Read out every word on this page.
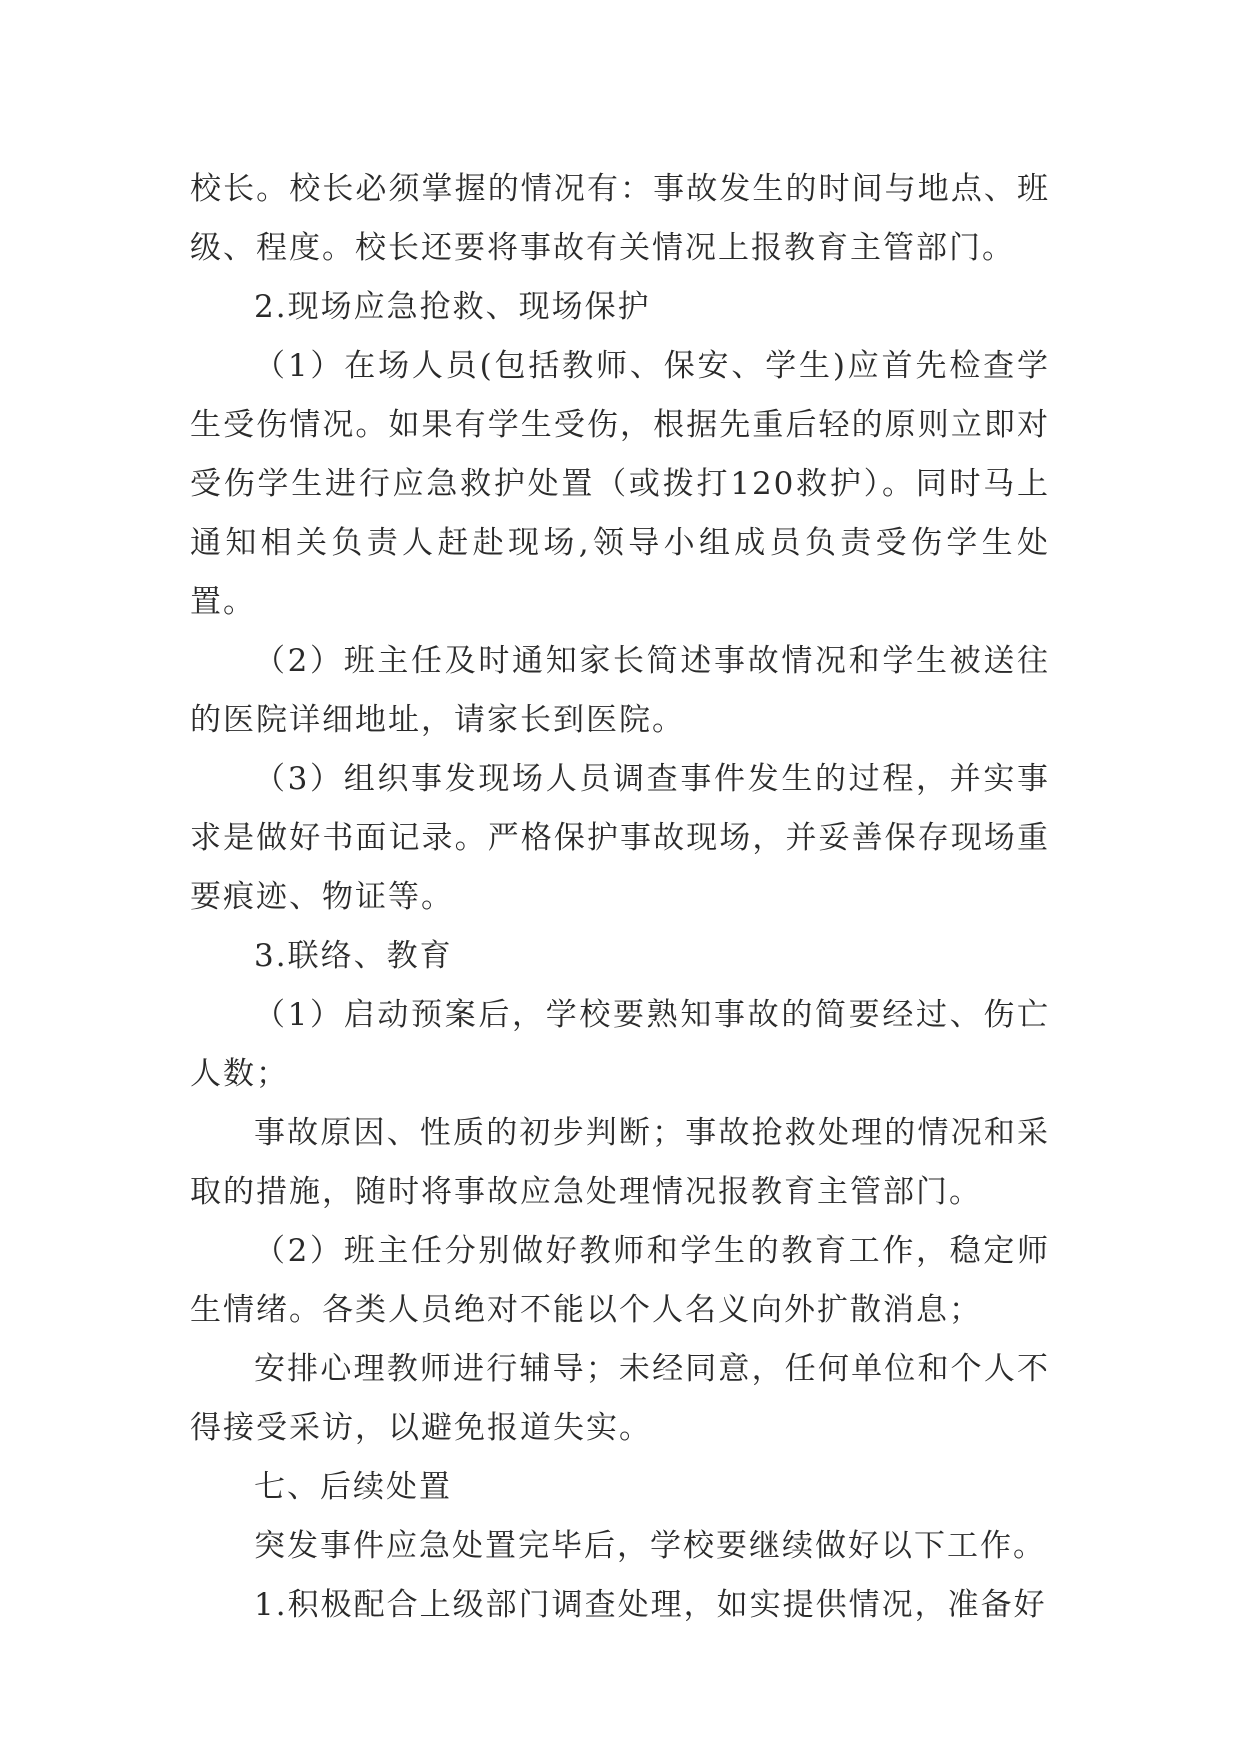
校长。校长必须掌握的情况有：事故发生的时间与地点、班级、程度。校长还要将事故有关情况上报教育主管部门。

2.现场应急抢救、现场保护

（1）在场人员(包括教师、保安、学生)应首先检查学生受伤情况。如果有学生受伤，根据先重后轻的原则立即对受伤学生进行应急救护处置（或拨打120救护）。同时马上通知相关负责人赶赴现场,领导小组成员负责受伤学生处置。

（2）班主任及时通知家长简述事故情况和学生被送往的医院详细地址，请家长到医院。

（3）组织事发现场人员调查事件发生的过程，并实事求是做好书面记录。严格保护事故现场，并妥善保存现场重要痕迹、物证等。

3.联络、教育

（1）启动预案后，学校要熟知事故的简要经过、伤亡人数；

事故原因、性质的初步判断；事故抢救处理的情况和采取的措施，随时将事故应急处理情况报教育主管部门。

（2）班主任分别做好教师和学生的教育工作，稳定师生情绪。各类人员绝对不能以个人名义向外扩散消息；

安排心理教师进行辅导；未经同意，任何单位和个人不得接受采访，以避免报道失实。

七、后续处置

突发事件应急处置完毕后，学校要继续做好以下工作。

1.积极配合上级部门调查处理，如实提供情况，准备好
